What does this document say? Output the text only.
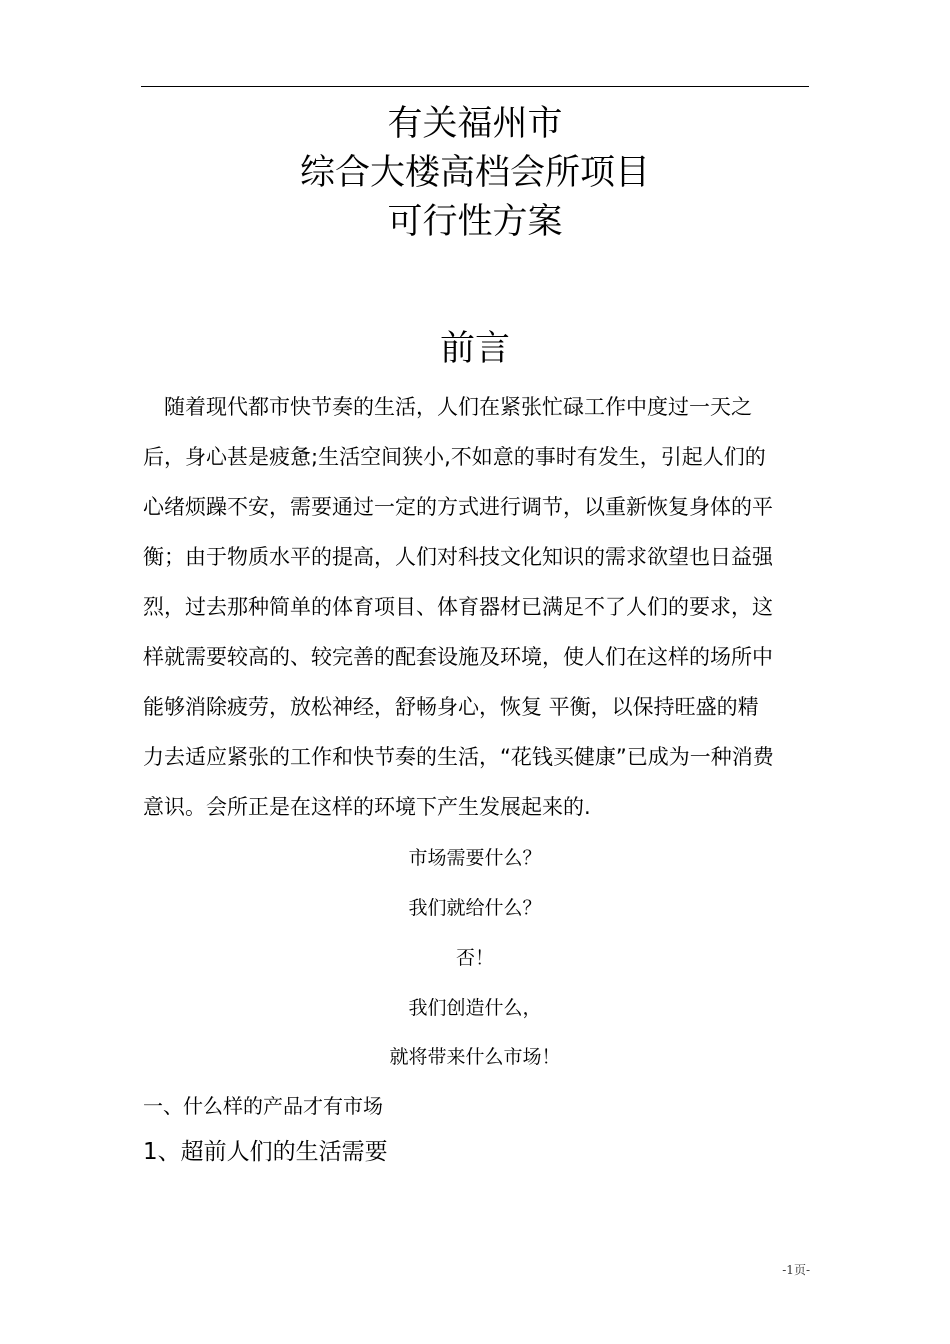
有关福州市
综合大楼高档会所项目
可行性方案
前言
　随着现代都市快节奏的生活，人们在紧张忙碌工作中度过一天之
后，身心甚是疲惫;生活空间狭小,不如意的事时有发生，引起人们的
心绪烦躁不安，需要通过一定的方式进行调节，以重新恢复身体的平
衡；由于物质水平的提高，人们对科技文化知识的需求欲望也日益强
烈，过去那种简单的体育项目、体育器材已满足不了人们的要求，这
样就需要较高的、较完善的配套设施及环境，使人们在这样的场所中
能够消除疲劳，放松神经，舒畅身心，恢复 平衡，以保持旺盛的精
力去适应紧张的工作和快节奏的生活，“花钱买健康”已成为一种消费
意识。会所正是在这样的环境下产生发展起来的.
市场需要什么？
我们就给什么？
否！
我们创造什么，
就将带来什么市场！
一、什么样的产品才有市场
1、超前人们的生活需要
-1页-
